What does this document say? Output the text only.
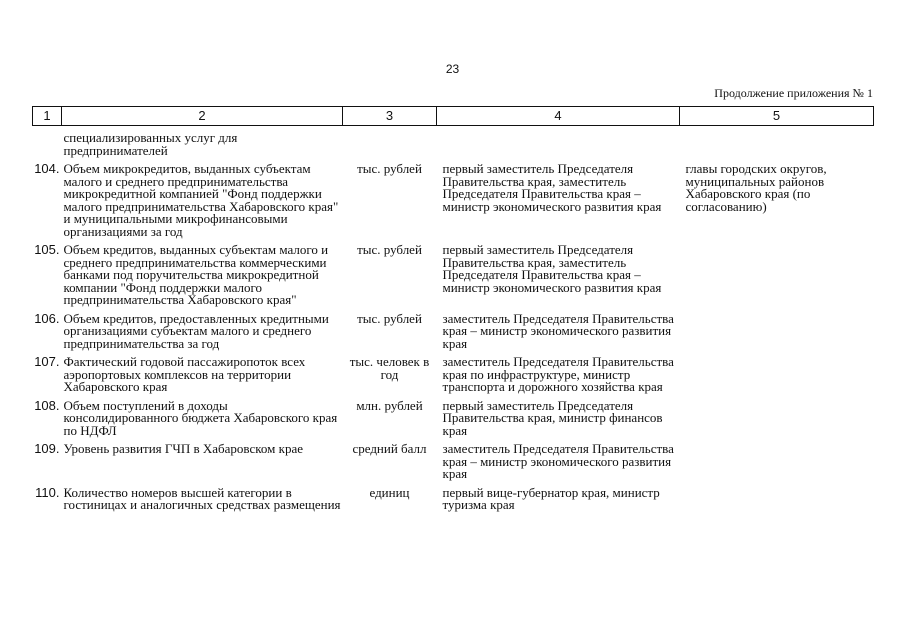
23
Продолжение приложения № 1
1	2	3	4	5
	специализированных услуг для предпринимателей			
104.	Объем микрокредитов, выданных субъектам малого и среднего предпринимательства микрокредитной компанией "Фонд поддержки малого предпринимательства Хабаровского края" и муниципальными микрофинансовыми организациями за год	тыс. рублей	первый заместитель Председателя Правительства края, заместитель Председателя Правительства края – министр экономического развития края	главы городских округов, муниципальных районов Хабаровского края (по согласованию)
105.	Объем кредитов, выданных субъектам малого и среднего предпринимательства коммерческими банками под поручительства микрокредитной компании "Фонд поддержки малого предпринимательства Хабаровского края"	тыс. рублей	первый заместитель Председателя Правительства края, заместитель Председателя Правительства края – министр экономического развития края	
106.	Объем кредитов, предоставленных кредитными организациями субъектам малого и среднего предпринимательства за год	тыс. рублей	заместитель Председателя Правительства края – министр экономического развития края	
107.	Фактический годовой пассажиропоток всех аэропортовых комплексов на территории Хабаровского края	тыс. человек в год	заместитель Председателя Правительства края по инфраструктуре, министр транспорта и дорожного хозяйства края	
108.	Объем поступлений в доходы консолидированного бюджета Хабаровского края по НДФЛ	млн. рублей	первый заместитель Председателя Правительства края, министр финансов края	
109.	Уровень развития ГЧП в Хабаровском крае	средний балл	заместитель Председателя Правительства края – министр экономического развития края	
110.	Количество номеров высшей категории в гостиницах и аналогичных средствах размещения	единиц	первый вице-губернатор края, министр туризма края	
